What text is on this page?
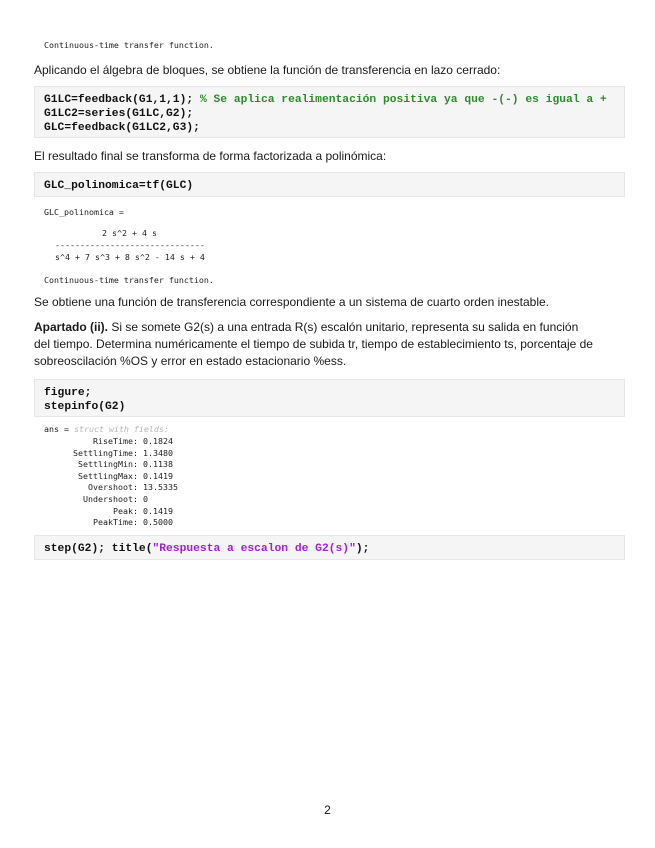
Continuous-time transfer function.
Aplicando el álgebra de bloques, se obtiene la función de transferencia en lazo cerrado:
G1LC=feedback(G1,1,1); % Se aplica realimentación positiva ya que -(-) es igual a +
G1LC2=series(G1LC,G2);
GLC=feedback(G1LC2,G3);
El resultado final se transforma de forma factorizada a polinómica:
GLC_polinomica=tf(GLC)
GLC_polinomica =
2 s^2 + 4 s
------------------------------
s^4 + 7 s^3 + 8 s^2 - 14 s + 4
Continuous-time transfer function.
Se obtiene una función de transferencia correspondiente a un sistema de cuarto orden inestable.
Apartado (ii). Si se somete G2(s) a una entrada R(s) escalón unitario, representa su salida en función del tiempo. Determina numéricamente el tiempo de subida tr, tiempo de establecimiento ts, porcentaje de sobreoscilación %OS y error en estado estacionario %ess.
figure;
stepinfo(G2)
ans = struct with fields:
RiseTime: 0.1824
SettlingTime: 1.3480
SettlingMin: 0.1138
SettlingMax: 0.1419
Overshoot: 13.5335
Undershoot: 0
Peak: 0.1419
PeakTime: 0.5000
step(G2); title("Respuesta a escalon de G2(s)");
2
